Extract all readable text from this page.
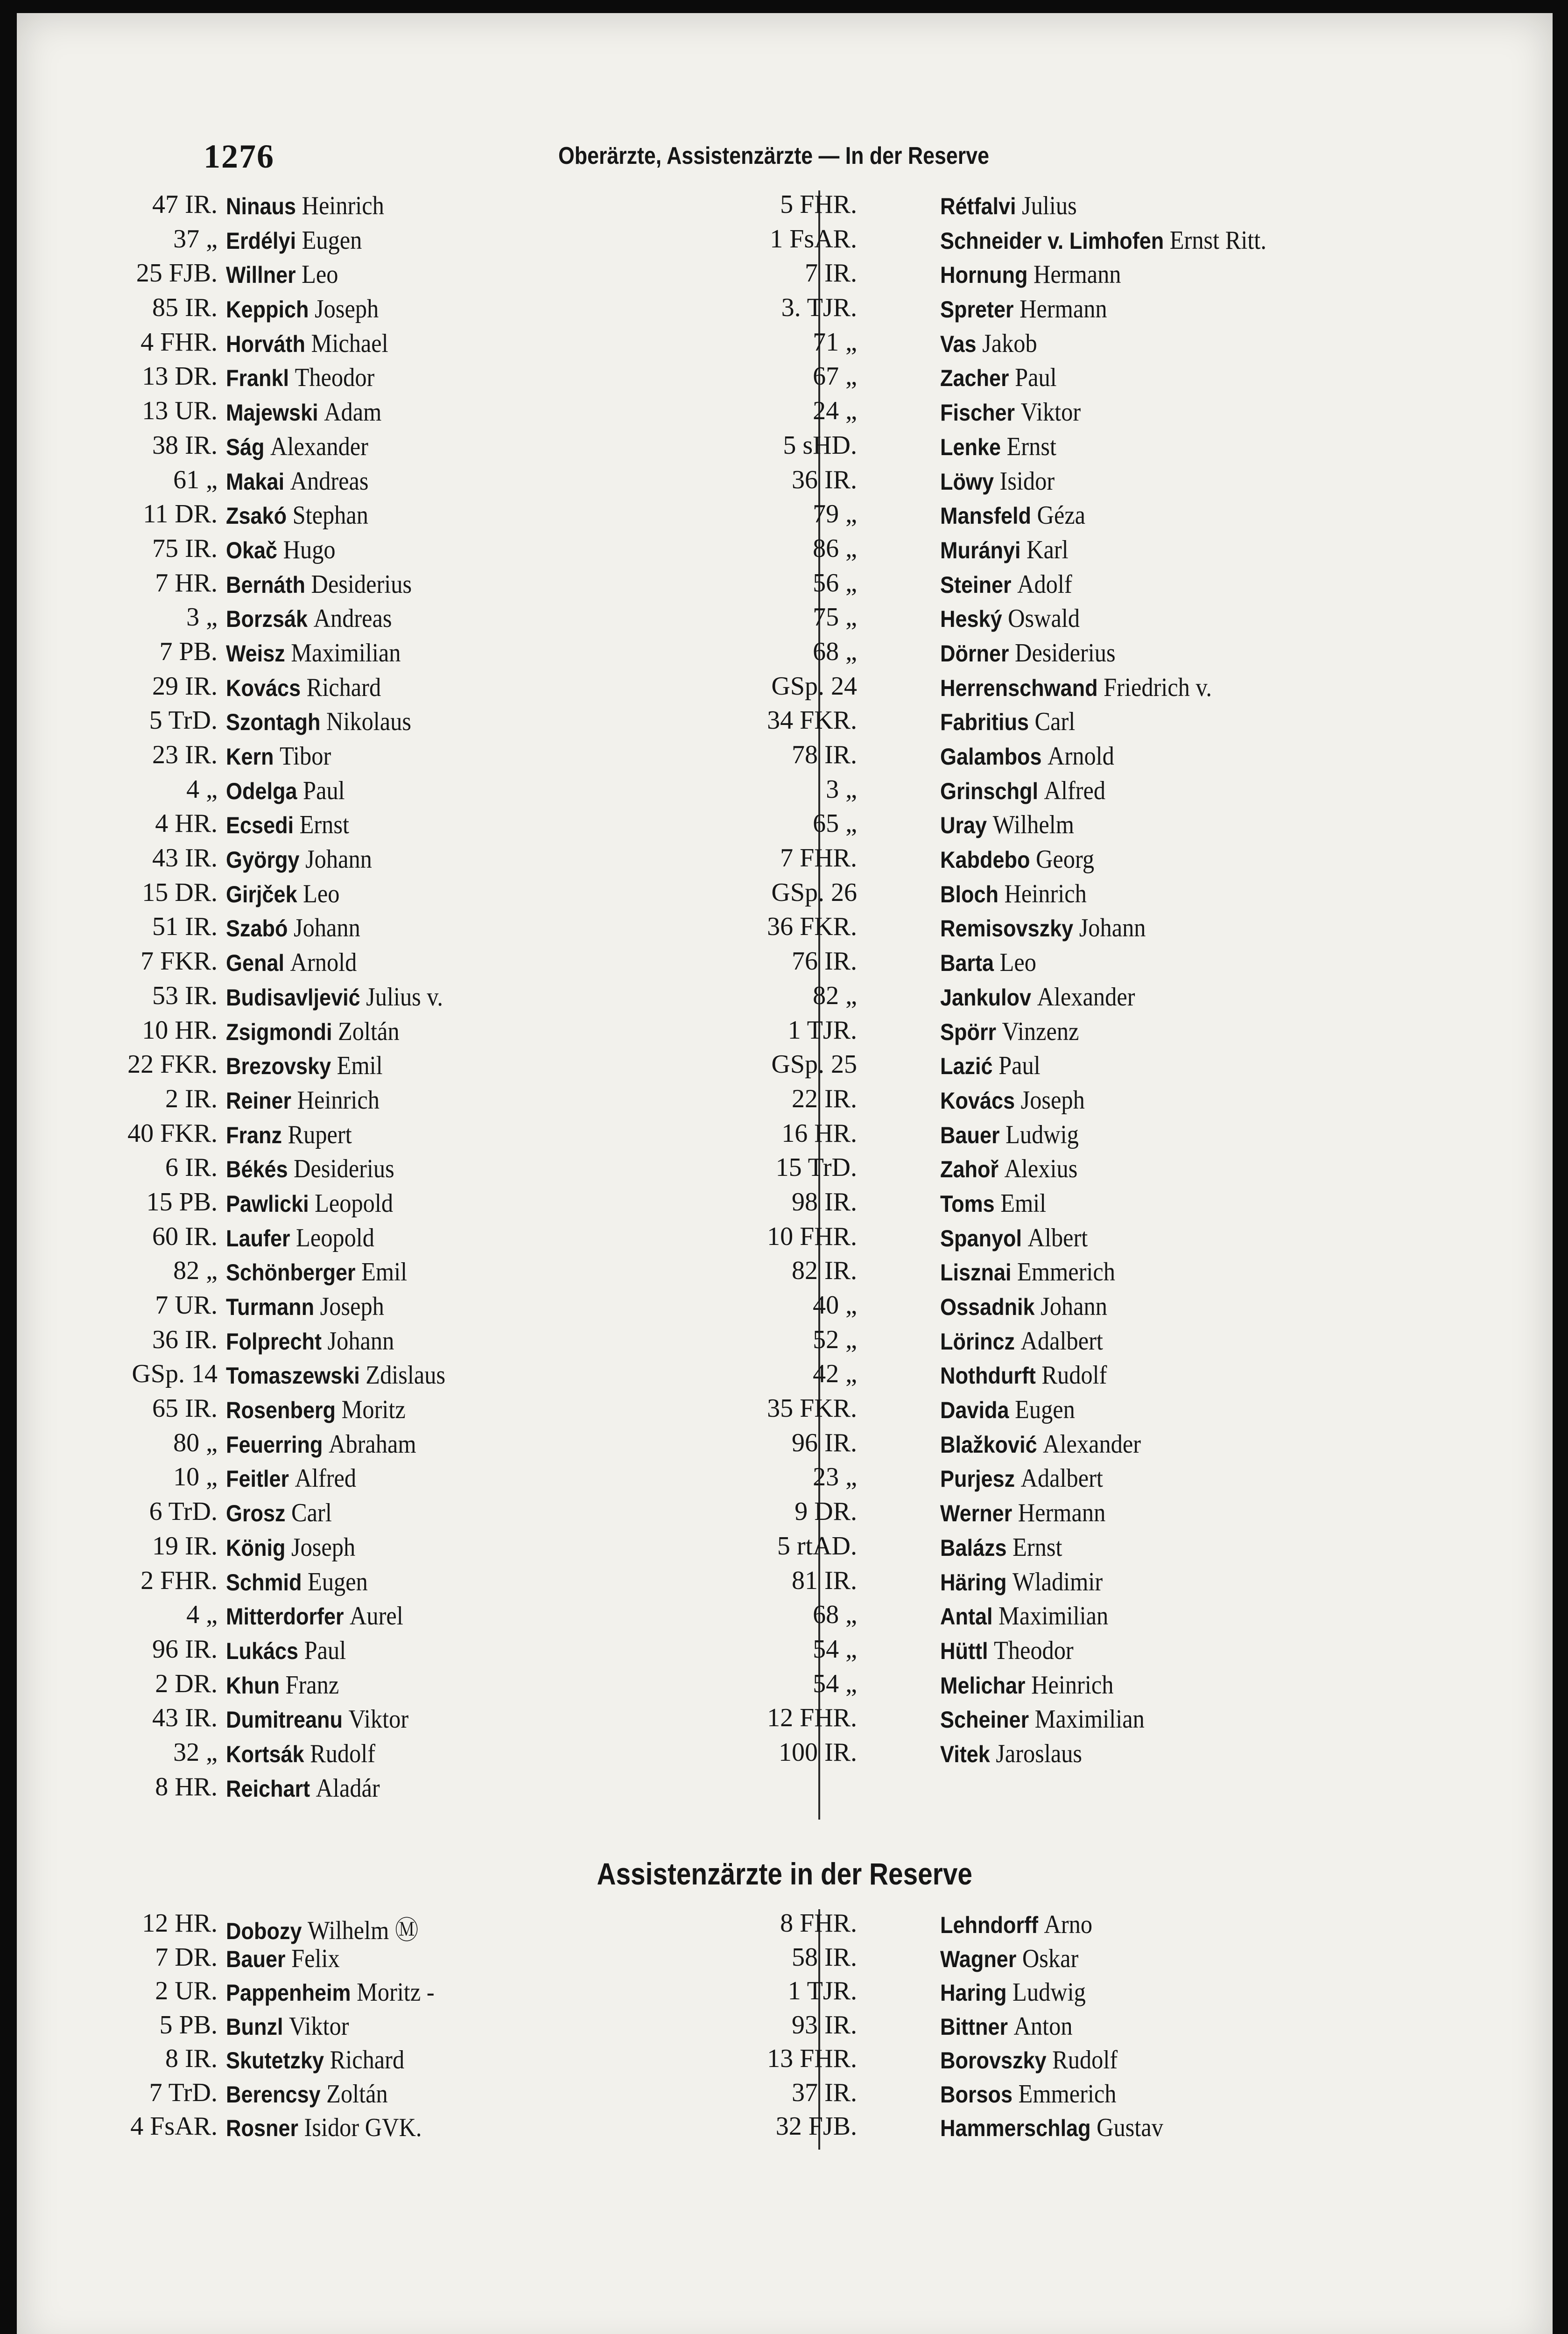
1276	Oberärzte, Assistenzärzte — In der Reserve
47 IR. Ninaus Heinrich
37 „ Erdélyi Eugen
25 FJB. Willner Leo
85 IR. Keppich Joseph
4 FHR. Horváth Michael
13 DR. Frankl Theodor
13 UR. Majewski Adam
38 IR. Ság Alexander
61 „ Makai Andreas
11 DR. Zsakó Stephan
75 IR. Okač Hugo
7 HR. Bernáth Desiderius
3 „ Borzsák Andreas
7 PB. Weisz Maximilian
29 IR. Kovács Richard
5 TrD. Szontagh Nikolaus
23 IR. Kern Tibor
4 „ Odelga Paul
4 HR. Ecsedi Ernst
43 IR. György Johann
15 DR. Girjček Leo
51 IR. Szabó Johann
7 FKR. Genal Arnold
53 IR. Budisavljević Julius v.
10 HR. Zsigmondi Zoltán
22 FKR. Brezovsky Emil
2 IR. Reiner Heinrich
40 FKR. Franz Rupert
6 IR. Békés Desiderius
15 PB. Pawlicki Leopold
60 IR. Laufer Leopold
82 „ Schönberger Emil
7 UR. Turmann Joseph
36 IR. Folprecht Johann
GSp. 14 Tomaszewski Zdislaus
65 IR. Rosenberg Moritz
80 „ Feuerring Abraham
10 „ Feitler Alfred
6 TrD. Grosz Carl
19 IR. König Joseph
2 FHR. Schmid Eugen
4 „ Mitterdorfer Aurel
96 IR. Lukács Paul
2 DR. Khun Franz
43 IR. Dumitreanu Viktor
32 „ Kortsák Rudolf
8 HR. Reichart Aladár
5 FHR.	Rétfalvi Julius
1 FsAR.	Schneider v. Limhofen Ernst Ritt.
7 IR.	Hornung Hermann
3. TJR.	Spreter Hermann
71 „	Vas Jakob
67 „	Zacher Paul
24 „	Fischer Viktor
5 sHD.	Lenke Ernst
36 IR.	Löwy Isidor
79 „	Mansfeld Géza
86 „	Murányi Karl
56 „	Steiner Adolf
75 „	Heský Oswald
68 „	Dörner Desiderius
GSp. 24	Herrenschwand Friedrich v.
34 FKR.	Fabritius Carl
78 IR.	Galambos Arnold
3 „	Grinschgl Alfred
65 „	Uray Wilhelm
7 FHR.	Kabdebo Georg
GSp. 26	Bloch Heinrich
36 FKR.	Remisovszky Johann
76 IR.	Barta Leo
82 „	Jankulov Alexander
1 TJR.	Spörr Vinzenz
GSp. 25	Lazić Paul
22 IR.	Kovács Joseph
16 HR.	Bauer Ludwig
15 TrD.	Zahoř Alexius
98 IR.	Toms Emil
10 FHR.	Spanyol Albert
82 IR.	Lisznai Emmerich
40 „	Ossadnik Johann
52 „	Lörincz Adalbert
42 „	Nothdurft Rudolf
35 FKR.	Davida Eugen
96 IR.	Blažković Alexander
23 „	Purjesz Adalbert
9 DR.	Werner Hermann
5 rtAD.	Balázs Ernst
81 IR.	Häring Wladimir
68 „	Antal Maximilian
54 „	Hüttl Theodor
54 „	Melichar Heinrich
12 FHR.	Scheiner Maximilian
100 IR.	Vitek Jaroslaus
Assistenzärzte in der Reserve
12 HR. Dobozy Wilhelm Ⓜ
7 DR. Bauer Felix
2 UR. Pappenheim Moritz -
5 PB. Bunzl Viktor
8 IR. Skutetzky Richard
7 TrD. Berencsy Zoltán
4 FsAR. Rosner Isidor GVK.
8 FHR.	Lehndorff Arno
58 IR.	Wagner Oskar
1 TJR.	Haring Ludwig
93 IR.	Bittner Anton
13 FHR.	Borovszky Rudolf
37 IR.	Borsos Emmerich
32 FJB.	Hammerschlag Gustav
